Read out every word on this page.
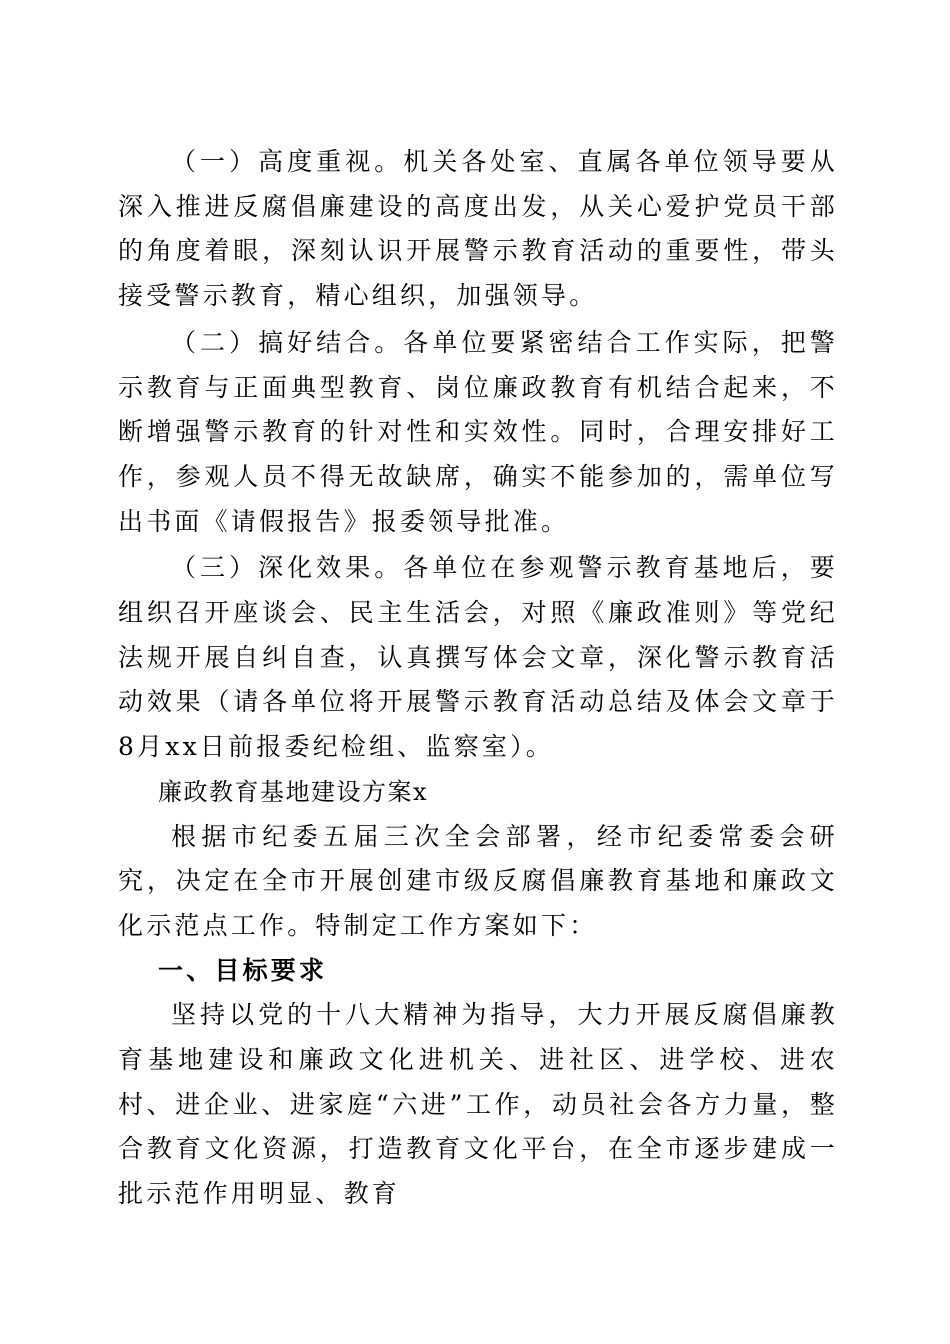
（一）高度重视。机关各处室、直属各单位领导要从深入推进反腐倡廉建设的高度出发，从关心爱护党员干部的角度着眼，深刻认识开展警示教育活动的重要性，带头接受警示教育，精心组织，加强领导。

（二）搞好结合。各单位要紧密结合工作实际，把警示教育与正面典型教育、岗位廉政教育有机结合起来，不断增强警示教育的针对性和实效性。同时，合理安排好工作，参观人员不得无故缺席，确实不能参加的，需单位写出书面《请假报告》报委领导批准。

（三）深化效果。各单位在参观警示教育基地后，要组织召开座谈会、民主生活会，对照《廉政准则》等党纪法规开展自纠自查，认真撰写体会文章，深化警示教育活动效果（请各单位将开展警示教育活动总结及体会文章于8月xx日前报委纪检组、监察室）。

廉政教育基地建设方案x

根据市纪委五届三次全会部署，经市纪委常委会研究，决定在全市开展创建市级反腐倡廉教育基地和廉政文化示范点工作。特制定工作方案如下：

一、目标要求

坚持以党的十八大精神为指导，大力开展反腐倡廉教育基地建设和廉政文化进机关、进社区、进学校、进农村、进企业、进家庭“六进”工作，动员社会各方力量，整合教育文化资源，打造教育文化平台，在全市逐步建成一批示范作用明显、教育
